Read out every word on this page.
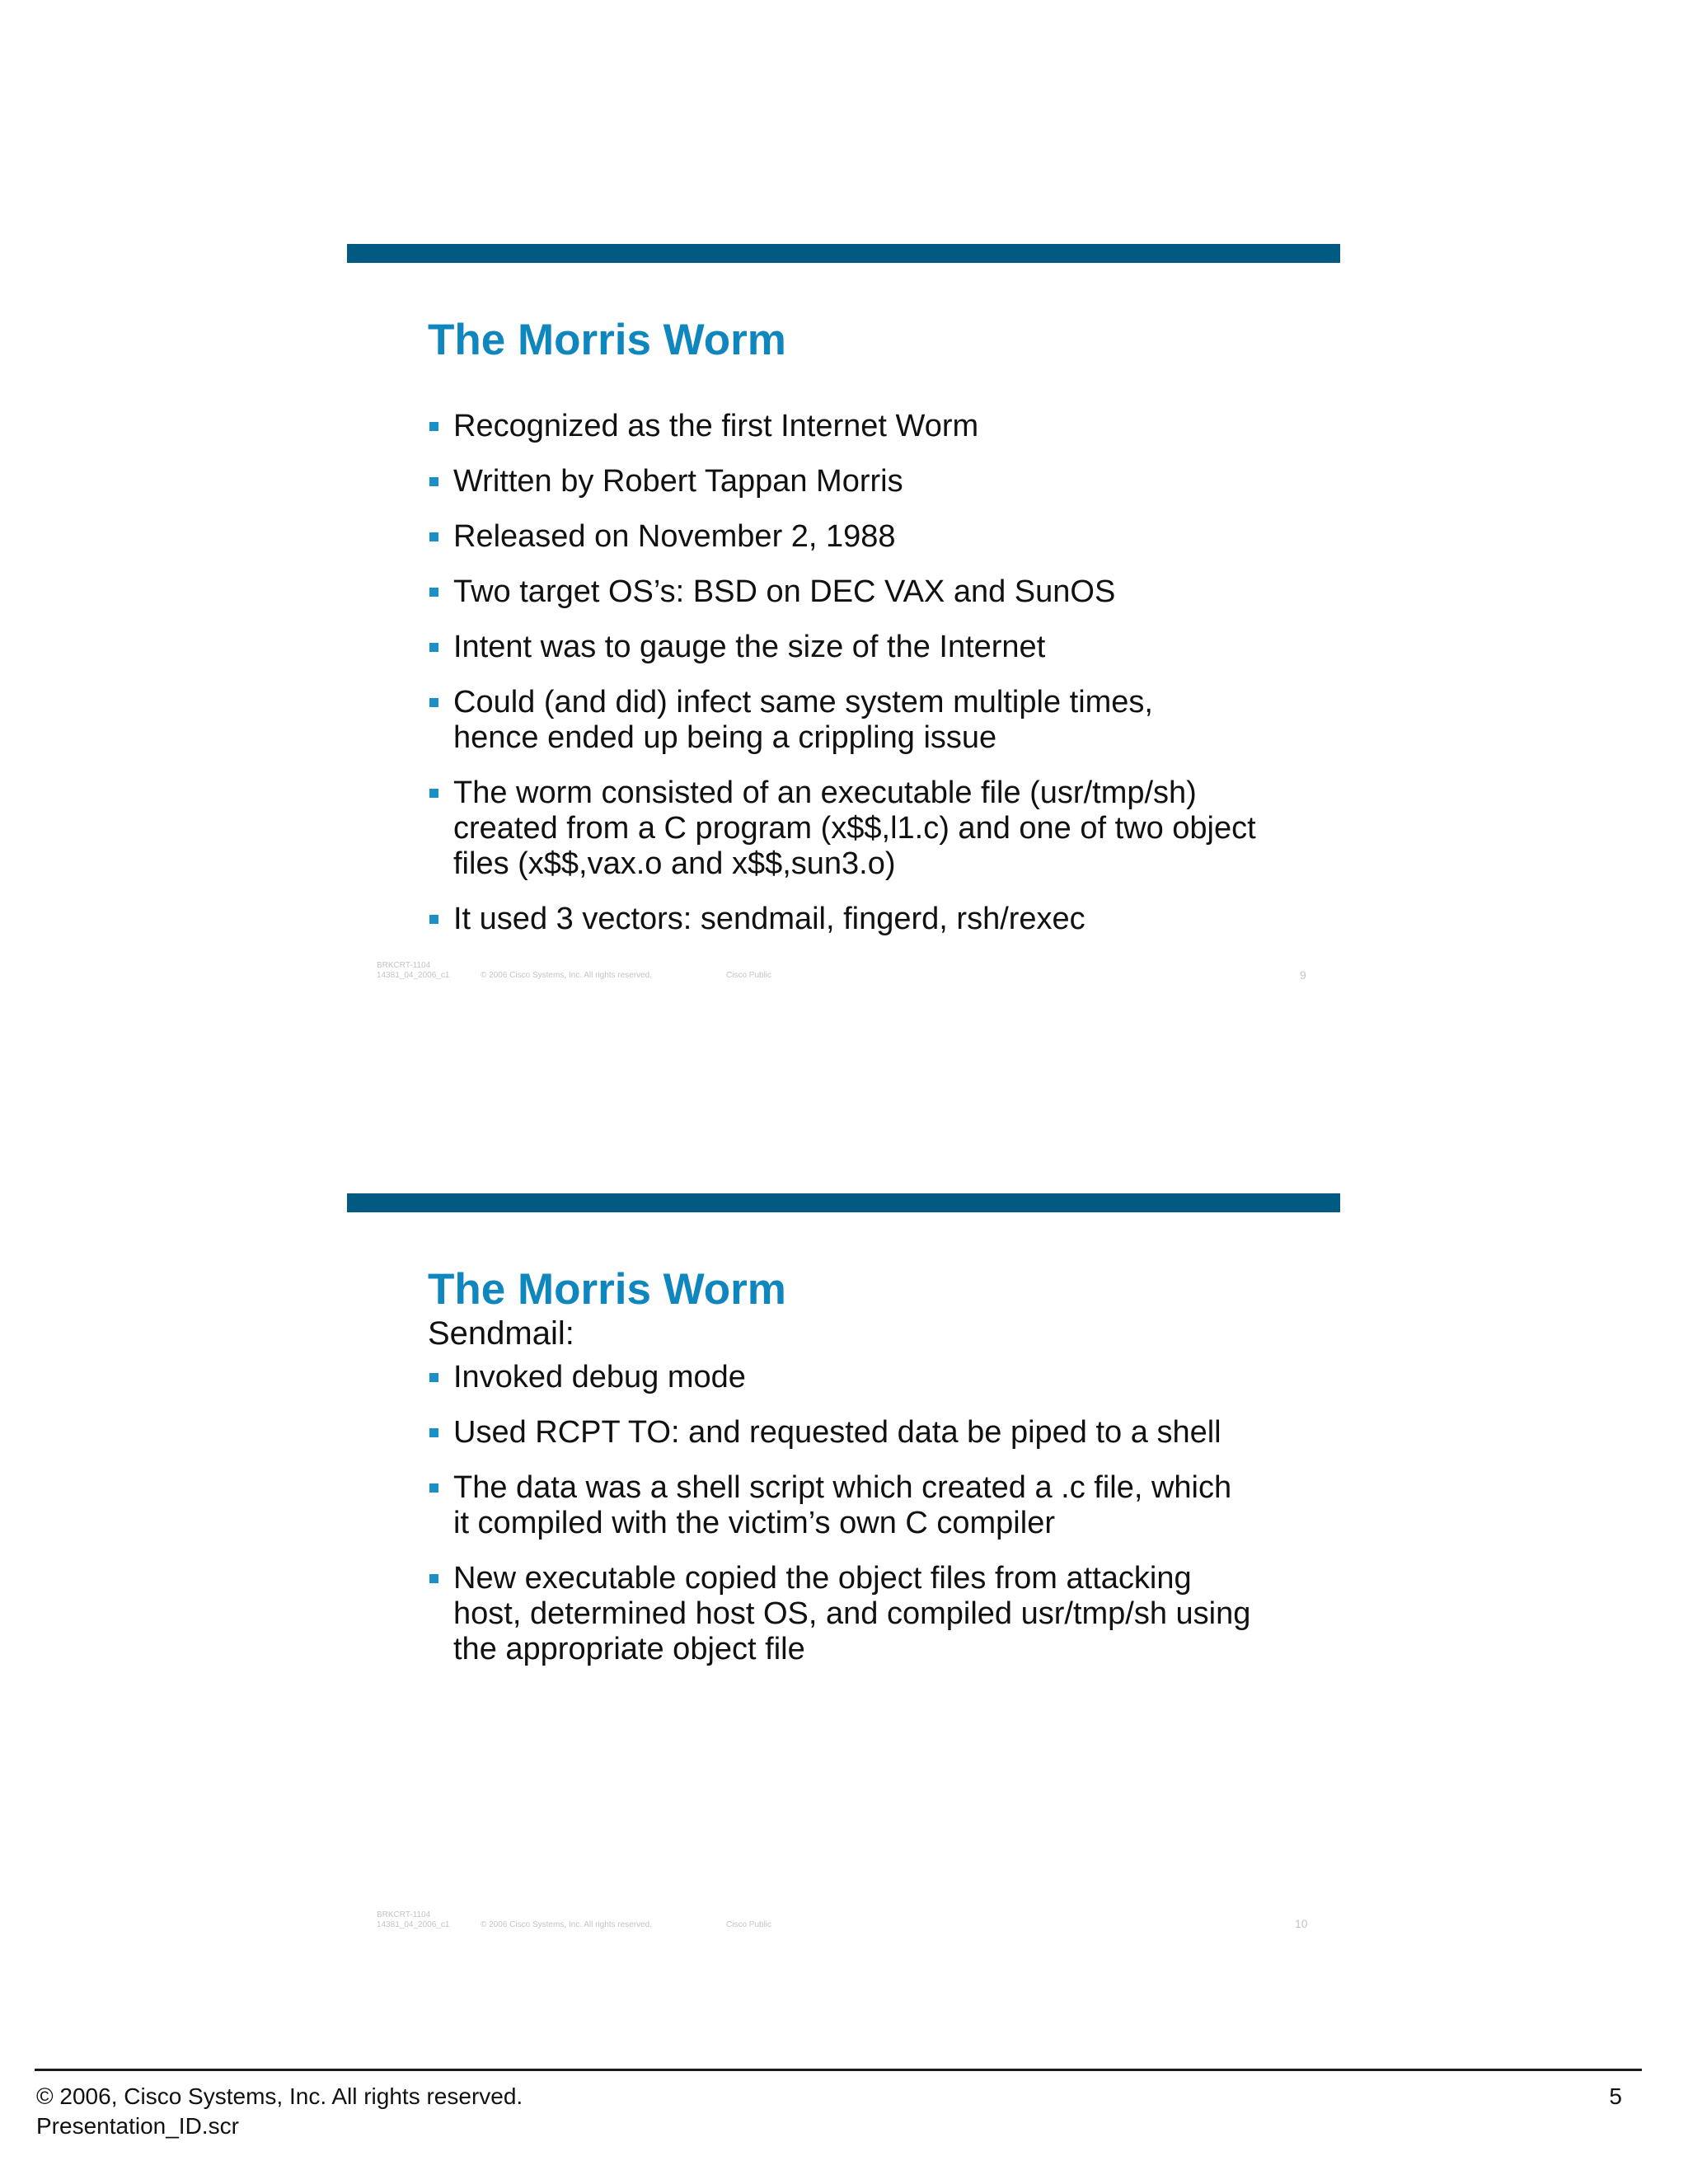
The Morris Worm
Recognized as the first Internet Worm
Written by Robert Tappan Morris
Released on November 2, 1988
Two target OS’s: BSD on DEC VAX and SunOS
Intent was to gauge the size of the Internet
Could (and did) infect same system multiple times, hence ended up being a crippling issue
The worm consisted of an executable file (usr/tmp/sh) created from a C program (x$$,l1.c) and one of two object files (x$$,vax.o and x$$,sun3.o)
It used 3 vectors: sendmail, fingerd, rsh/rexec
BRKCRT-1104
14381_04_2006_c1	© 2006 Cisco Systems, Inc. All rights reserved.	Cisco Public	9
The Morris Worm
Sendmail:
Invoked debug mode
Used RCPT TO: and requested data be piped to a shell
The data was a shell script which created a .c file, which it compiled with the victim’s own C compiler
New executable copied the object files from attacking host, determined host OS, and compiled usr/tmp/sh using the appropriate object file
BRKCRT-1104
14381_04_2006_c1	© 2006 Cisco Systems, Inc. All rights reserved.	Cisco Public	10
© 2006, Cisco Systems, Inc. All rights reserved.
Presentation_ID.scr
5
